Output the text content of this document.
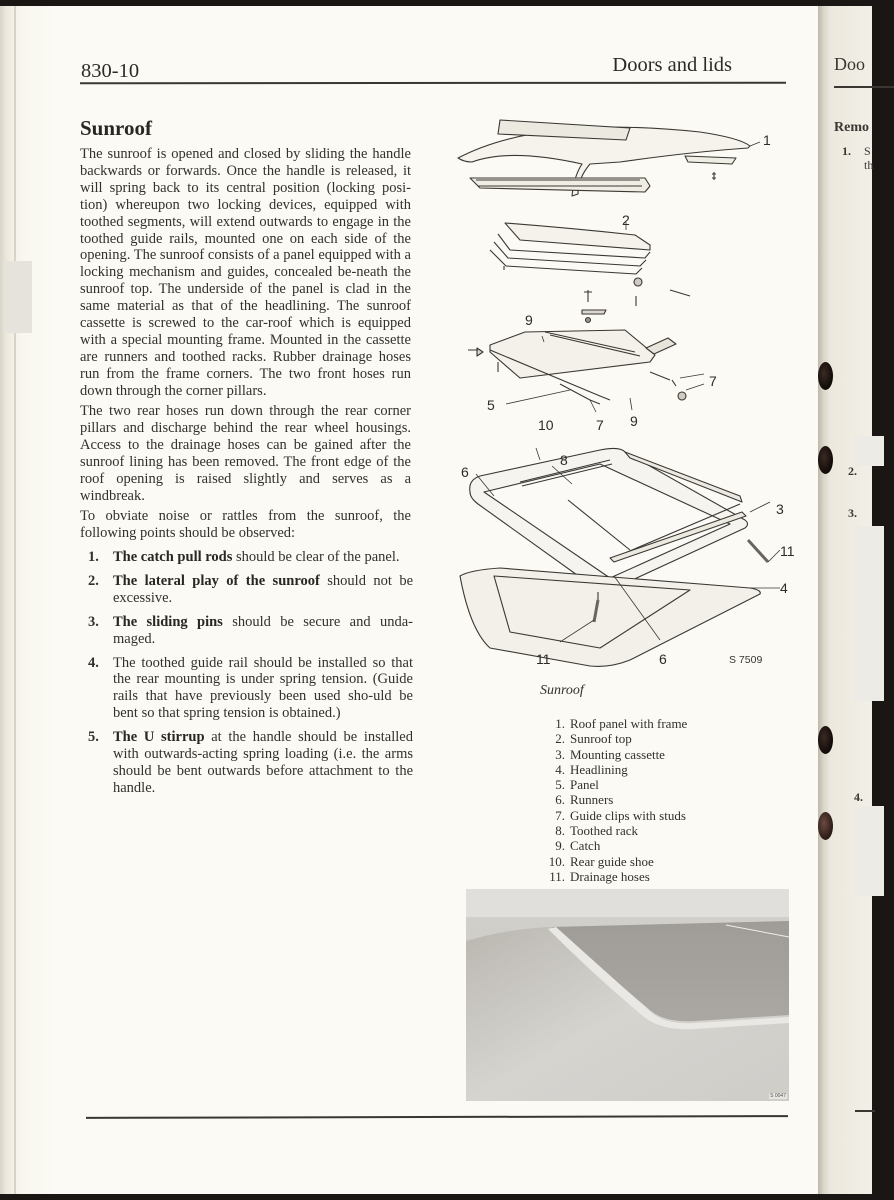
830-10	Doors and lids
Sunroof
The sunroof is opened and closed by sliding the handle backwards or forwards. Once the handle is released, it will spring back to its central position (locking posi-tion) whereupon two locking devices, equipped with toothed segments, will extend outwards to engage in the toothed guide rails, mounted one on each side of the opening. The sunroof consists of a panel equipped with a locking mechanism and guides, concealed be-neath the sunroof top. The underside of the panel is clad in the same material as that of the headlining. The sunroof cassette is screwed to the car-roof which is equipped with a special mounting frame. Mounted in the cassette are runners and toothed racks. Rubber drainage hoses run from the frame corners. The two front hoses run down through the corner pillars.
The two rear hoses run down through the rear corner pillars and discharge behind the rear wheel housings. Access to the drainage hoses can be gained after the sunroof lining has been removed. The front edge of the roof opening is raised slightly and serves as a windbreak.
To obviate noise or rattles from the sunroof, the following points should be observed:
1. The catch pull rods should be clear of the panel.
2. The lateral play of the sunroof should not be excessive.
3. The sliding pins should be secure and unda-maged.
4. The toothed guide rail should be installed so that the rear mounting is under spring tension. (Guide rails that have previously been used sho-uld be bent so that spring tension is obtained.)
5. The U stirrup at the handle should be installed with outwards-acting spring loading (i.e. the arms should be bent outwards before attachment to the handle.
1
2
9
7
5
10	7 9
6
8
3
11
4
11	6	S 7509
Sunroof
1. Roof panel with frame
2. Sunroof top
3. Mounting cassette
4. Headlining
5. Panel
6. Runners
7. Guide clips with studs
8. Toothed rack
9. Catch
10. Rear guide shoe
11. Drainage hoses
S 0047
Doo
Remo
1. S
th
2.
3.
4.
